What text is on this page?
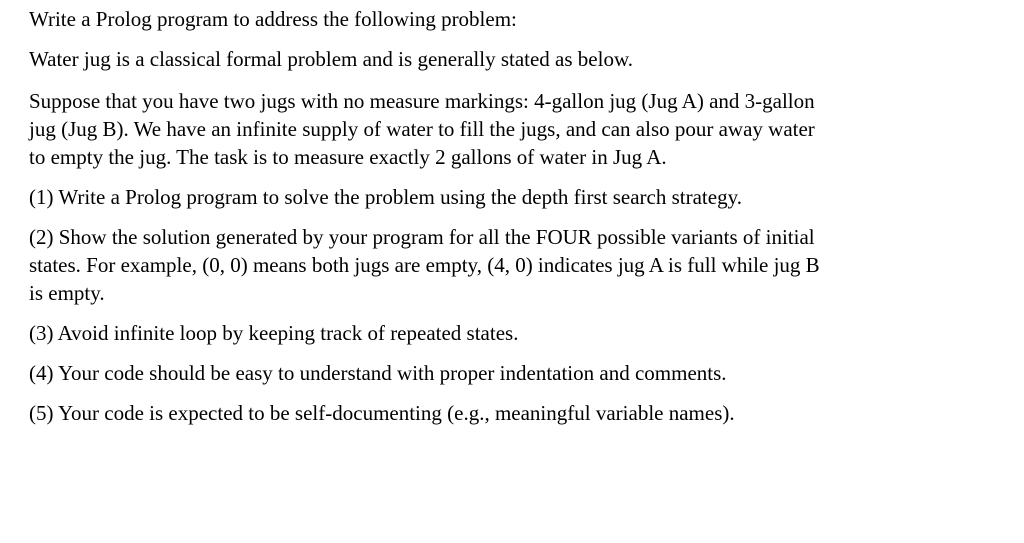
Write a Prolog program to address the following problem:

Water jug is a classical formal problem and is generally stated as below.

Suppose that you have two jugs with no measure markings: 4-gallon jug (Jug A) and 3-gallon
jug (Jug B). We have an infinite supply of water to fill the jugs, and can also pour away water
to empty the jug. The task is to measure exactly 2 gallons of water in Jug A.

(1) Write a Prolog program to solve the problem using the depth first search strategy.

(2) Show the solution generated by your program for all the FOUR possible variants of initial
states. For example, (0, 0) means both jugs are empty, (4, 0) indicates jug A is full while jug B
is empty.

(3) Avoid infinite loop by keeping track of repeated states.

(4) Your code should be easy to understand with proper indentation and comments.

(5) Your code is expected to be self-documenting (e.g., meaningful variable names).
